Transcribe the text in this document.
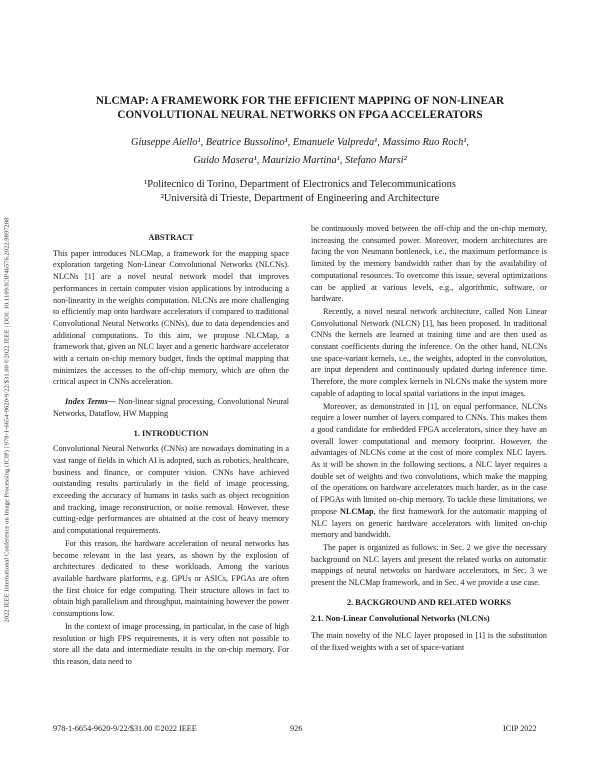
2022 IEEE International Conference on Image Processing (ICIP) | 978-1-6654-9620-9/22/$31.00 ©2022 IEEE | DOI: 10.1109/ICIP46576.2022.9897288
NLCMAP: A FRAMEWORK FOR THE EFFICIENT MAPPING OF NON-LINEAR
CONVOLUTIONAL NEURAL NETWORKS ON FPGA ACCELERATORS
Giuseppe Aiello¹, Beatrice Bussolino¹, Emanuele Valpreda¹, Massimo Ruo Roch¹,
Guido Masera¹, Maurizio Martina¹, Stefano Marsi²
¹Politecnico di Torino, Department of Electronics and Telecommunications
²Università di Trieste, Department of Engineering and Architecture
ABSTRACT

This paper introduces NLCMap, a framework for the mapping space exploration targeting Non-Linear Convolutional Networks (NLCNs). NLCNs [1] are a novel neural network model that improves performances in certain computer vision applications by introducing a non-linearity in the weights computation. NLCNs are more challenging to efficiently map onto hardware accelerators if compared to traditional Convolutional Neural Networks (CNNs), due to data dependencies and additional computations. To this aim, we propose NLCMap, a framework that, given an NLC layer and a generic hardware accelerator with a certain on-chip memory budget, finds the optimal mapping that minimizes the accesses to the off-chip memory, which are often the critical aspect in CNNs acceleration.

Index Terms— Non-linear signal processing, Convolutional Neural Networks, Dataflow, HW Mapping

1. INTRODUCTION

Convolutional Neural Networks (CNNs) are nowadays dominating in a vast range of fields in which AI is adopted, such as robotics, healthcare, business and finance, or computer vision. CNNs have achieved outstanding results particularly in the field of image processing, exceeding the accuracy of humans in tasks such as object recognition and tracking, image reconstruction, or noise removal. However, these cutting-edge performances are obtained at the cost of heavy memory and computational requirements.

For this reason, the hardware acceleration of neural networks has become relevant in the last years, as shown by the explosion of architectures dedicated to these workloads. Among the various available hardware platforms, e.g. GPUs or ASICs, FPGAs are often the first choice for edge computing. Their structure allows in fact to obtain high parallelism and throughput, maintaining however the power consumptions low.

In the context of image processing, in particular, in the case of high resolution or high FPS requirements, it is very often not possible to store all the data and intermediate results in the on-chip memory. For this reason, data need to

be continuously moved between the off-chip and the on-chip memory, increasing the consumed power. Moreover, modern architectures are facing the von Neumann bottleneck, i.e., the maximum performance is limited by the memory bandwidth rather than by the availability of computational resources. To overcome this issue, several optimizations can be applied at various levels, e.g., algorithmic, software, or hardware.

Recently, a novel neural network architecture, called Non Linear Convolutional Network (NLCN) [1], has been proposed. In traditional CNNs the kernels are learned at training time and are then used as constant coefficients during the inference. On the other hand, NLCNs use space-variant kernels, i.e., the weights, adopted in the convolution, are input dependent and continuously updated during inference time. Therefore, the more complex kernels in NLCNs make the system more capable of adapting to local spatial variations in the input images.

Moreover, as demonstrated in [1], on equal performance, NLCNs require a lower number of layers compared to CNNs. This makes them a good candidate for embedded FPGA accelerators, since they have an overall lower computational and memory footprint. However, the advantages of NLCNs come at the cost of more complex NLC layers. As it will be shown in the following sections, a NLC layer requires a double set of weights and two convolutions, which make the mapping of the operations on hardware accelerators much harder, as in the case of FPGAs with limited on-chip memory. To tackle these limitations, we propose NLCMap, the first framework for the automatic mapping of NLC layers on generic hardware accelerators with limited on-chip memory and bandwidth.

The paper is organized as follows: in Sec. 2 we give the necessary background on NLC layers and present the related works on automatic mappings of neural networks on hardware accelerators, in Sec. 3 we present the NLCMap framework, and in Sec. 4 we provide a use case.

2. BACKGROUND AND RELATED WORKS
2.1. Non-Linear Convolutional Networks (NLCNs)

The main novelty of the NLC layer proposed in [1] is the substitution of the fixed weights with a set of space-variant

978-1-6654-9620-9/22/$31.00 ©2022 IEEE	926	ICIP 2022
